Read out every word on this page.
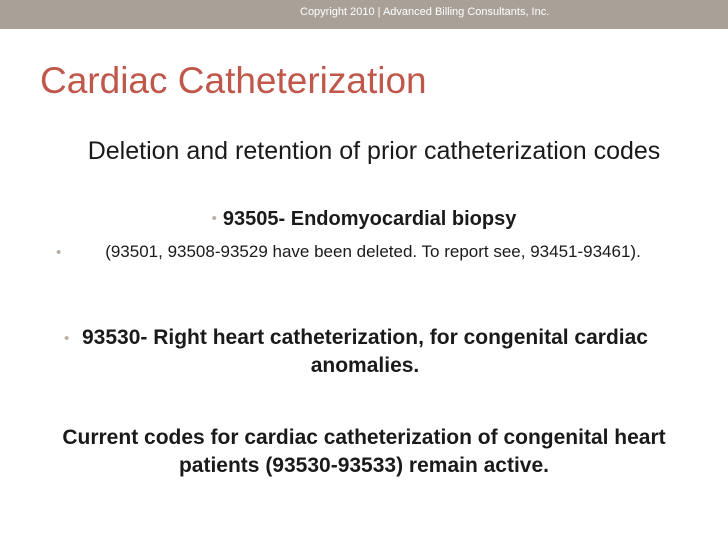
Copyright 2010 | Advanced Billing Consultants, Inc.
Cardiac Catheterization
Deletion and retention of prior catheterization codes
• 93505- Endomyocardial biopsy
•	(93501, 93508-93529 have been deleted. To report see, 93451-93461).
• 93530- Right heart catheterization, for congenital cardiac anomalies.
Current codes for cardiac catheterization of congenital heart patients (93530-93533) remain active.
